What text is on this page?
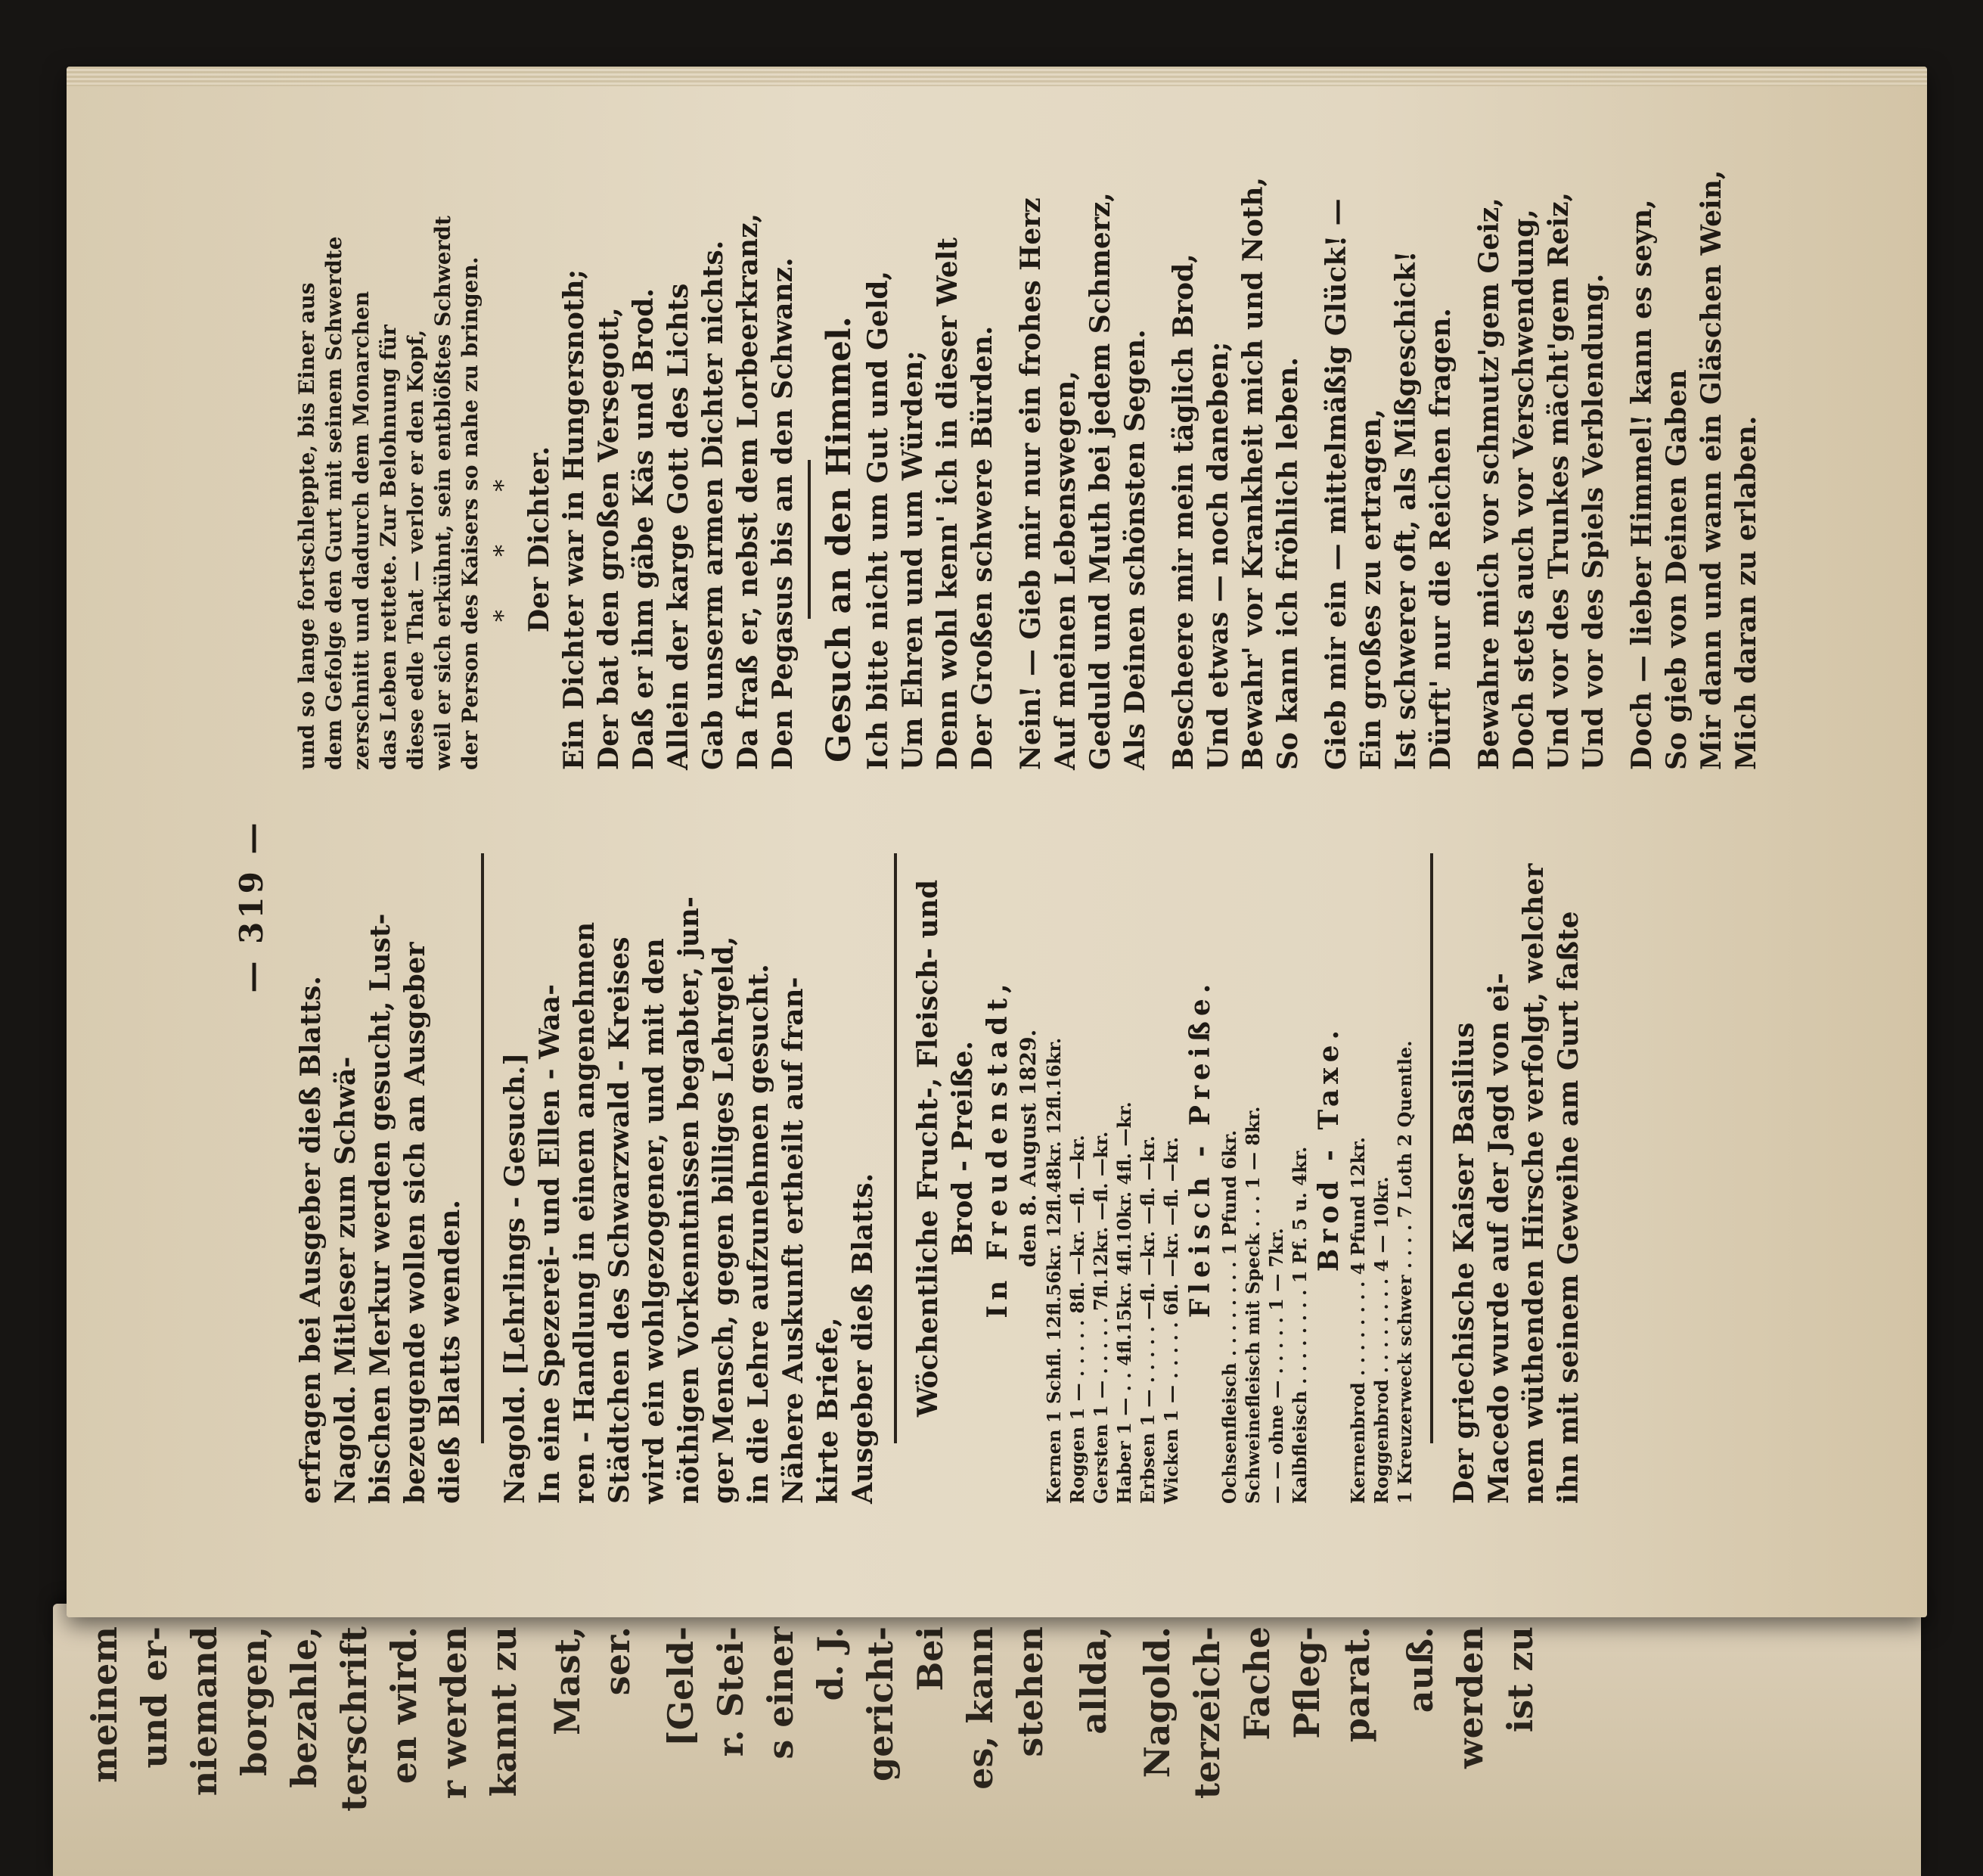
meinem und er- niemand borgen, bezahle, terschrift en wird. r werden kannt zu Mast, ser. [Geld- r. Stei- s einer d. J. gericht- Bei es, kann stehen allda, Nagold. terzeich- Fache Pfleg- parat. auß. werden ist zu

— 319 —

erfragen bei Ausgeber dieß Blatts. Nagold. Mitleser zum Schwä- bischen Merkur werden gesucht, Lust- bezeugende wollen sich an Ausgeber dieß Blatts wenden. Nagold. [Lehrlings - Gesuch.] In eine Spezerei- und Ellen - Waa- ren - Handlung in einem angenehmen Städtchen des Schwarzwald - Kreises wird ein wohlgezogener, und mit den nöthigen Vorkenntnissen begabter, jun- ger Mensch, gegen billiges Lehrgeld, in die Lehre aufzunehmen gesucht. Nähere Auskunft ertheilt auf fran- kirte Briefe, Ausgeber dieß Blatts. Wöchentliche Frucht-, Fleisch- und Brod - Preiße. In Freudenstadt, den 8. August 1829. Kernen 1 Schfl. 12fl.56kr. 12fl.48kr. 12fl.16kr. Roggen 1 — . . . . . 8fl. —kr. —fl. —kr. Gersten 1 — . . . . . 7fl.12kr. —fl. —kr. Haber 1 — . . 4fl.15kr. 4fl.10kr. 4fl. —kr. Erbsen 1 — . . . . . —fl. —kr. —fl. —kr. Wicken 1 — . . . . . 6fl. —kr. —fl. —kr. Fleisch - Preiße. Ochsenfleisch . . . . . . . . 1 Pfund 6kr. Schweinefleisch mit Speck . . . 1 — 8kr. — — ohne — . . . . . 1 — 7kr. Kalbfleisch . . . . . . . . 1 Pf. 5 u. 4kr. Brod - Taxe. Kernenbrod . . . . . . . . 4 Pfund 12kr. Roggenbrod . . . . . . . . 4 — 10kr. 1 Kreuzerweck schwer . . . . 7 Loth 2 Quentle. Der griechische Kaiser Basilius Macedo wurde auf der Jagd von ei- nem wüthenden Hirsche verfolgt, welcher ihn mit seinem Geweihe am Gurt faßte

und so lange fortschleppte, bis Einer aus dem Gefolge den Gurt mit seinem Schwerdte zerschnitt und dadurch dem Monarchen das Leben rettete. Zur Belohnung für diese edle That — verlor er den Kopf, weil er sich erkühnt, sein entblößtes Schwerdt der Person des Kaisers so nahe zu bringen. * * * Der Dichter. Ein Dichter war in Hungersnoth; Der bat den großen Versegott, Daß er ihm gäbe Käs und Brod. Allein der karge Gott des Lichts Gab unserm armen Dichter nichts. Da fraß er, nebst dem Lorbeerkranz, Den Pegasus bis an den Schwanz. Gesuch an den Himmel. Ich bitte nicht um Gut und Geld, Um Ehren und um Würden; Denn wohl kenn' ich in dieser Welt Der Großen schwere Bürden. Nein! — Gieb mir nur ein frohes Herz Auf meinen Lebenswegen, Geduld und Muth bei jedem Schmerz, Als Deinen schönsten Segen. Bescheere mir mein täglich Brod, Und etwas — noch daneben; Bewahr' vor Krankheit mich und Noth, So kann ich fröhlich leben. Gieb mir ein — mittelmäßig Glück! — Ein großes zu ertragen, Ist schwerer oft, als Mißgeschick! Dürft' nur die Reichen fragen. Bewahre mich vor schmutz'gem Geiz, Doch stets auch vor Verschwendung, Und vor des Trunkes mächt'gem Reiz, Und vor des Spiels Verblendung. Doch — lieber Himmel! kann es seyn, So gieb von Deinen Gaben Mir dann und wann ein Gläschen Wein, Mich daran zu erlaben.
